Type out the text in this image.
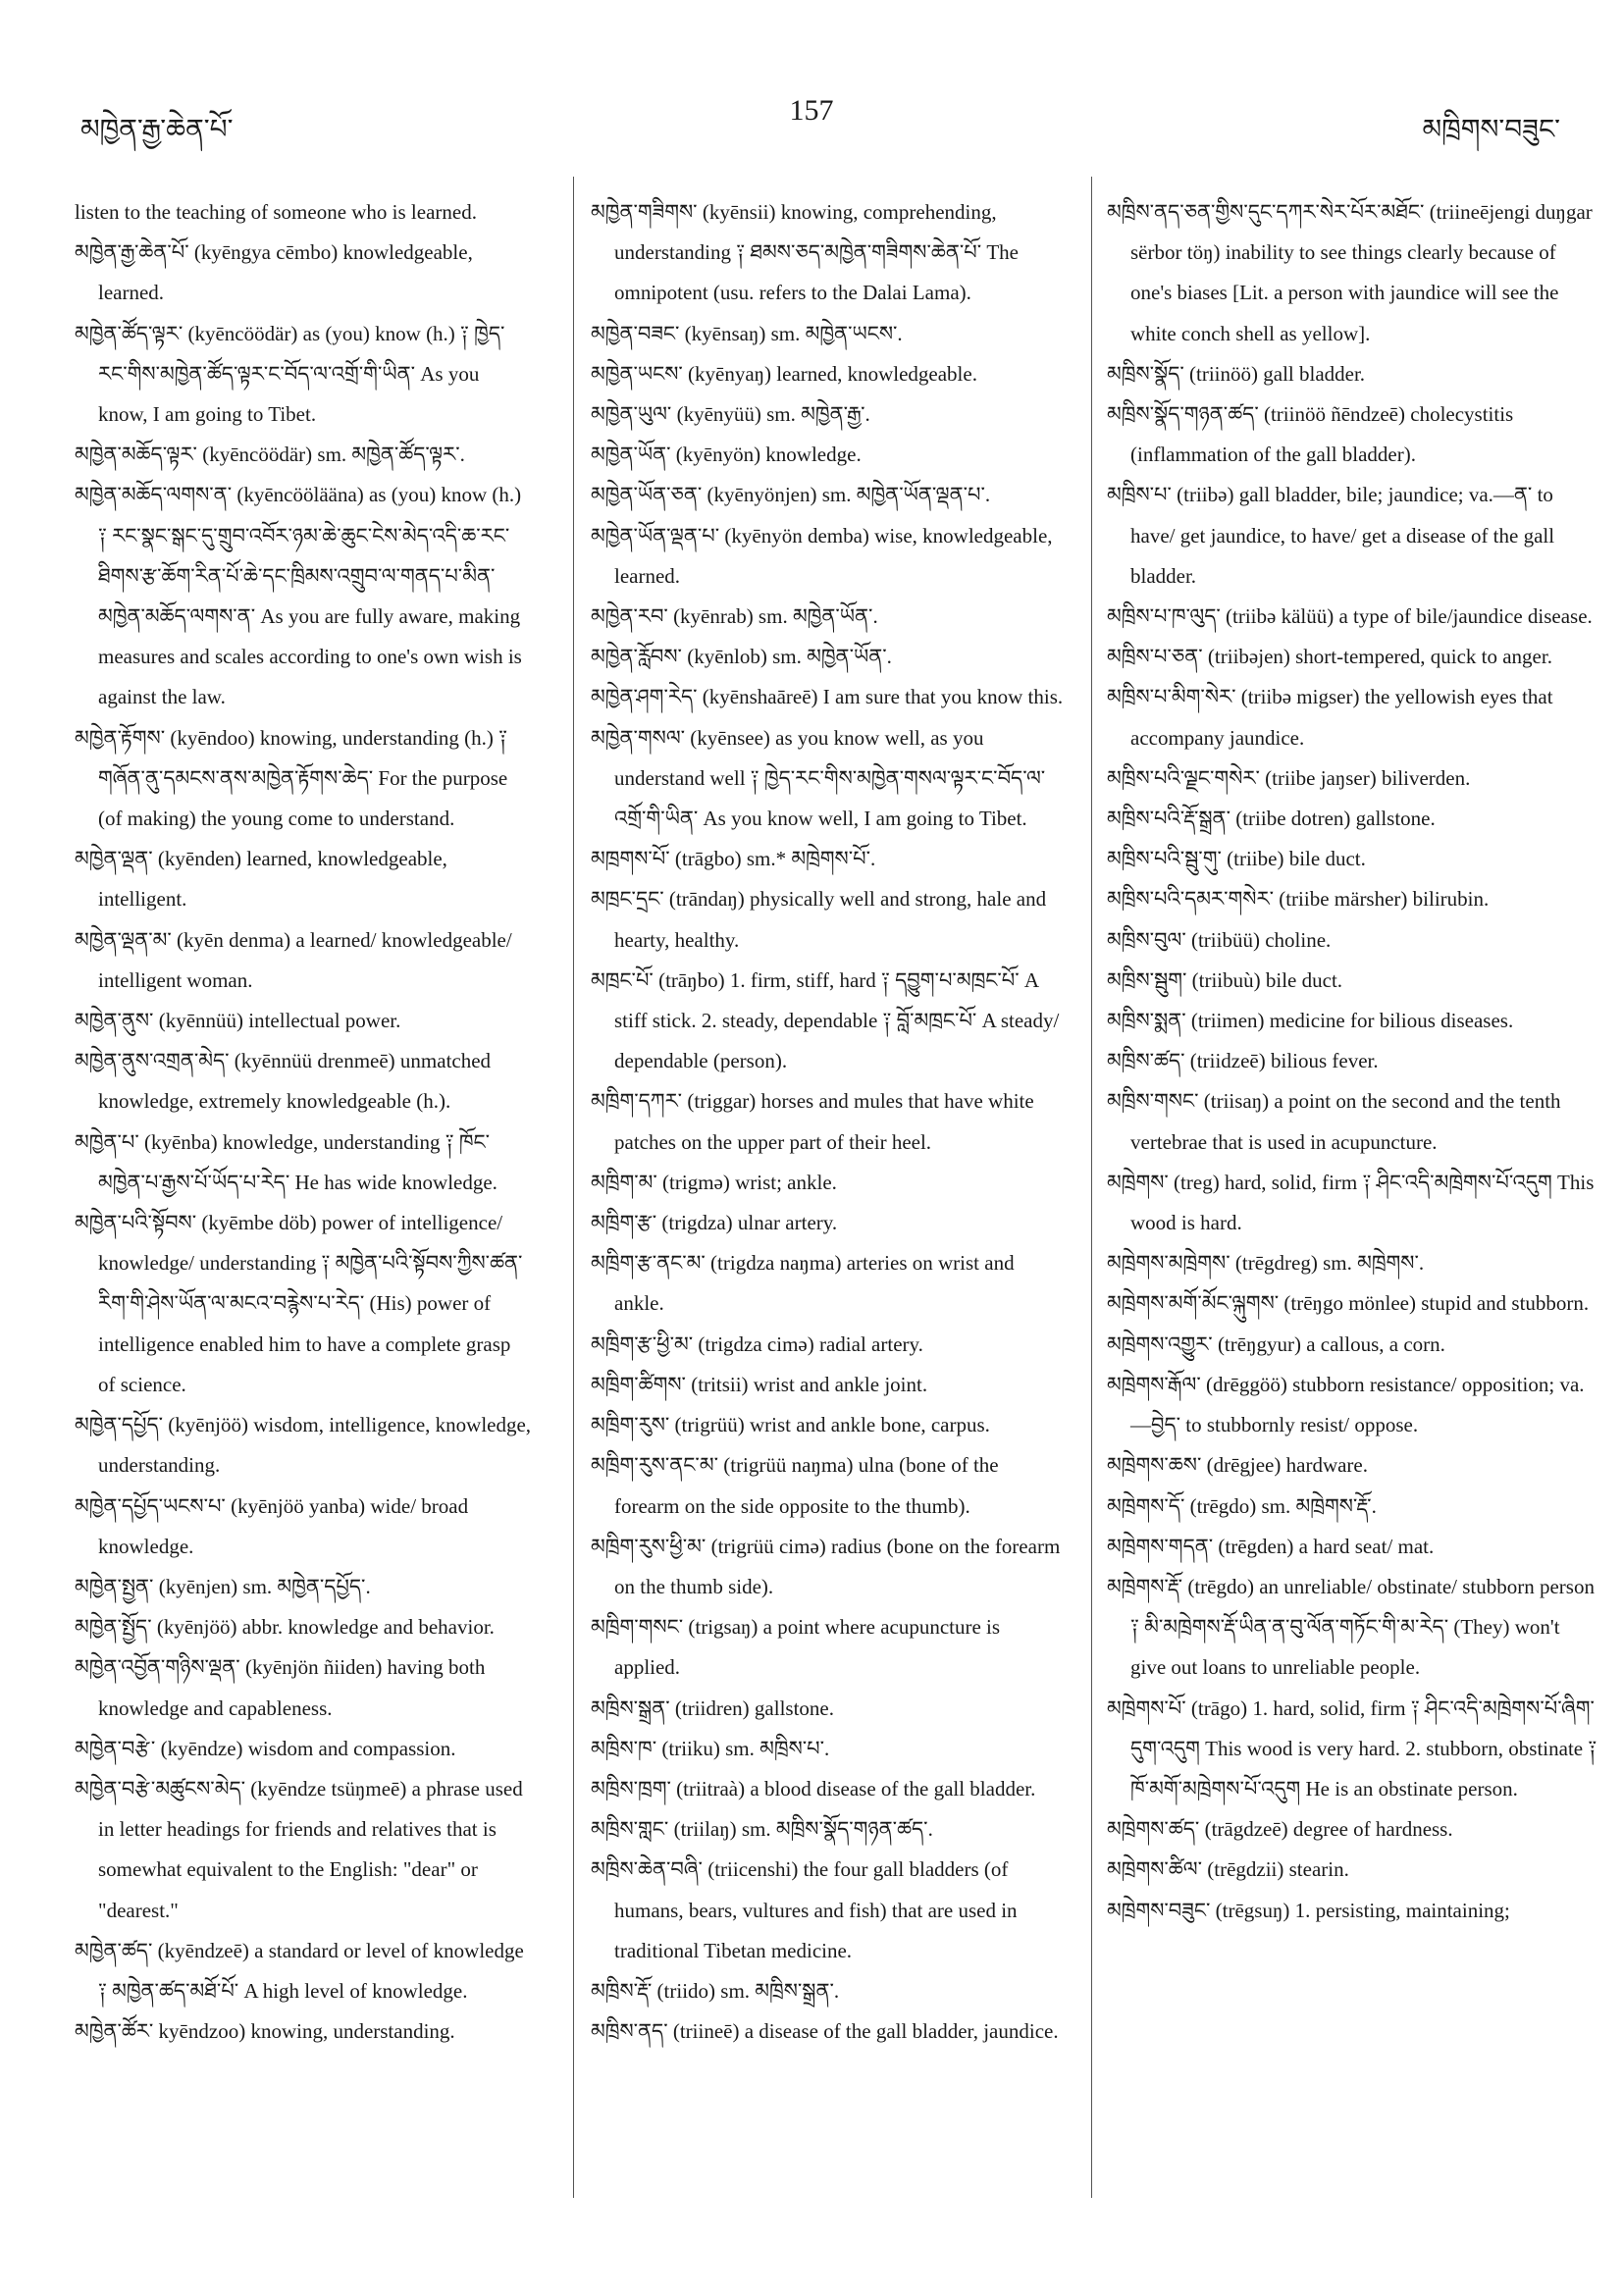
མཁྱེན་རྒྱ་ཆེན་པོ་
157
མཁྲིགས་བཟུང་

listen to the teaching of someone who is learned.

མཁྱེན་རྒྱ་ཆེན་པོ་ (kyēngya cēmbo) knowledgeable, learned.

མཁྱེན་ཚོད་ལྟར་ (kyēncöödär) as (you) know (h.) ༑ ཁྱེད་རང་གིས་མཁྱེན་ཚོད་ལྟར་ང་བོད་ལ་འགྲོ་གི་ཡིན་ As you know, I am going to Tibet.

མཁྱེན་མཆོད་ལྟར་ (kyēncöödär) sm. མཁྱེན་ཚོད་ལྟར་.

མཁྱེན་མཆོད་ལགས་ན་ (kyēncöölääna) as (you) know (h.) ༑ རང་སྣང་སྒང་དུ་གྲུབ་འབོར་ཉམ་ཆེ་ཆུང་ངེས་མེད་འདི་ཆ་རང་ཐིགས་རྩ་ཆོག་རིན་པོ་ཆེ་དང་ཁྲིམས་འགྲུབ་ལ་གནད་པ་མིན་མཁྱེན་མཆོད་ལགས་ན་ As you are fully aware, making measures and scales according to one's own wish is against the law.

མཁྱེན་རྟོགས་ (kyēndoo) knowing, understanding (h.) ༑ གཞོན་ནུ་དམངས་ནས་མཁྱེན་རྟོགས་ཆེད་ For the purpose (of making) the young come to understand.

མཁྱེན་ལྡན་ (kyēnden) learned, knowledgeable, intelligent.

མཁྱེན་ལྡན་མ་ (kyēn denma) a learned/ knowledgeable/ intelligent woman.

མཁྱེན་ནུས་ (kyēnnüü) intellectual power.

མཁྱེན་ནུས་འགྲན་མེད་ (kyēnnüü drenmeē) unmatched knowledge, extremely knowledgeable (h.).

མཁྱེན་པ་ (kyēnba) knowledge, understanding ༑ ཁོང་མཁྱེན་པ་རྒྱས་པོ་ཡོད་པ་རེད་ He has wide knowledge.

མཁྱེན་པའི་སྟོབས་ (kyēmbe döb) power of intelligence/ knowledge/ understanding ༑ མཁྱེན་པའི་སྟོབས་ཀྱིས་ཚན་རིག་གི་ཤེས་ཡོན་ལ་མངའ་བརྙེས་པ་རེད་ (His) power of intelligence enabled him to have a complete grasp of science.

མཁྱེན་དཔྱོད་ (kyēnjöö) wisdom, intelligence, knowledge, understanding.

མཁྱེན་དཔྱོད་ཡངས་པ་ (kyēnjöö yanba) wide/ broad knowledge.

མཁྱེན་སྤྱན་ (kyēnjen) sm. མཁྱེན་དཔྱོད་.

མཁྱེན་སྤྱོད་ (kyēnjöö) abbr. knowledge and behavior.

མཁྱེན་འབྱོན་གཉིས་ལྡན་ (kyēnjön ñiiden) having both knowledge and capableness.

མཁྱེན་བརྩེ་ (kyēndze) wisdom and compassion.

མཁྱེན་བརྩེ་མཚུངས་མེད་ (kyēndze tsüŋmeē) a phrase used in letter headings for friends and relatives that is somewhat equivalent to the English: "dear" or "dearest."

མཁྱེན་ཚད་ (kyēndzeē) a standard or level of knowledge ༑ མཁྱེན་ཚད་མཐོ་པོ་ A high level of knowledge.

མཁྱེན་ཚོར་ kyēndzoo) knowing, understanding.

མཁྱེན་གཟིགས་ (kyēnsii) knowing, comprehending, understanding ༑ ཐམས་ཅད་མཁྱེན་གཟིགས་ཆེན་པོ་ The omnipotent (usu. refers to the Dalai Lama).

མཁྱེན་བཟང་ (kyēnsaŋ) sm. མཁྱེན་ཡངས་.

མཁྱེན་ཡངས་ (kyēnyaŋ) learned, knowledgeable.

མཁྱེན་ཡུལ་ (kyēnyüü) sm. མཁྱེན་རྒྱ་.

མཁྱེན་ཡོན་ (kyēnyön) knowledge.

མཁྱེན་ཡོན་ཅན་ (kyēnyönjen) sm. མཁྱེན་ཡོན་ལྡན་པ་.

མཁྱེན་ཡོན་ལྡན་པ་ (kyēnyön demba) wise, knowledgeable, learned.

མཁྱེན་རབ་ (kyēnrab) sm. མཁྱེན་ཡོན་.

མཁྱེན་རློབས་ (kyēnlob) sm. མཁྱེན་ཡོན་.

མཁྱེན་ཤག་རེད་ (kyēnshaāreē) I am sure that you know this.

མཁྱེན་གསལ་ (kyēnsee) as you know well, as you understand well ༑ ཁྱེད་རང་གིས་མཁྱེན་གསལ་ལྟར་ང་བོད་ལ་འགྲོ་གི་ཡིན་ As you know well, I am going to Tibet.

མཁྲགས་པོ་ (trāgbo) sm.* མཁྲེགས་པོ་.

མཁྲང་དྲང་ (trāndaŋ) physically well and strong, hale and hearty, healthy.

མཁྲང་པོ་ (trāŋbo) 1. firm, stiff, hard ༑ དབྱུག་པ་མཁྲང་པོ་ A stiff stick. 2. steady, dependable ༑ བློ་མཁྲང་པོ་ A steady/ dependable (person).

མཁྲིག་དཀར་ (triggar) horses and mules that have white patches on the upper part of their heel.

མཁྲིག་མ་ (trigmə) wrist; ankle.

མཁྲིག་རྩ་ (trigdza) ulnar artery.

མཁྲིག་རྩ་ནང་མ་ (trigdza naŋma) arteries on wrist and ankle.

མཁྲིག་རྩ་ཕྱི་མ་ (trigdza cimə) radial artery.

མཁྲིག་ཚིགས་ (tritsii) wrist and ankle joint.

མཁྲིག་རུས་ (trigrüü) wrist and ankle bone, carpus.

མཁྲིག་རུས་ནང་མ་ (trigrüü naŋma) ulna (bone of the forearm on the side opposite to the thumb).

མཁྲིག་རུས་ཕྱི་མ་ (trigrüü cimə) radius (bone on the forearm on the thumb side).

མཁྲིག་གསང་ (trigsaŋ) a point where acupuncture is applied.

མཁྲིས་སྒྲན་ (triidren) gallstone.

མཁྲིས་ཁ་ (triiku) sm. མཁྲིས་པ་.

མཁྲིས་ཁྲག་ (triitraà) a blood disease of the gall bladder.

མཁྲིས་གླང་ (triilaŋ) sm. མཁྲིས་སྣོད་གཉན་ཚད་.

མཁྲིས་ཆེན་བཞི་ (triicenshi) the four gall bladders (of humans, bears, vultures and fish) that are used in traditional Tibetan medicine.

མཁྲིས་རྡོ་ (triido) sm. མཁྲིས་སྒྲན་.

མཁྲིས་ནད་ (triineē) a disease of the gall bladder, jaundice.

མཁྲིས་ནད་ཅན་གྱིས་དུང་དཀར་སེར་པོར་མཐོང་ (triineējengi duŋgar sërbor töŋ) inability to see things clearly because of one's biases [Lit. a person with jaundice will see the white conch shell as yellow].

མཁྲིས་སྣོད་ (triinöö) gall bladder.

མཁྲིས་སྣོད་གཉན་ཚད་ (triinöö ñēndzeē) cholecystitis (inflammation of the gall bladder).

མཁྲིས་པ་ (triibə) gall bladder, bile; jaundice; va.—ན་ to have/ get jaundice, to have/ get a disease of the gall bladder.

མཁྲིས་པ་ཁ་ལུད་ (triibə kälüü) a type of bile/jaundice disease.

མཁྲིས་པ་ཅན་ (triibəjen) short-tempered, quick to anger.

མཁྲིས་པ་མིག་སེར་ (triibə migser) the yellowish eyes that accompany jaundice.

མཁྲིས་པའི་ལྗང་གསེར་ (triibe jaŋser) biliverden.

མཁྲིས་པའི་རྡོ་སྒྲན་ (triibe dotren) gallstone.

མཁྲིས་པའི་སྦུ་གུ་ (triibe) bile duct.

མཁྲིས་པའི་དམར་གསེར་ (triibe märsher) bilirubin.

མཁྲིས་བུལ་ (triibüü) choline.

མཁྲིས་སྦུག་ (triibuù) bile duct.

མཁྲིས་སྨན་ (triimen) medicine for bilious diseases.

མཁྲིས་ཚད་ (triidzeē) bilious fever.

མཁྲིས་གསང་ (triisaŋ) a point on the second and the tenth vertebrae that is used in acupuncture.

མཁྲེགས་ (treg) hard, solid, firm ༑ ཤིང་འདི་མཁྲེགས་པོ་འདུག This wood is hard.

མཁྲེགས་མཁྲེགས་ (trēgdreg) sm. མཁྲེགས་.

མཁྲེགས་མགོ་མོང་ལྐུགས་ (trēŋgo mönlee) stupid and stubborn.

མཁྲེགས་འགྱུར་ (trēŋgyur) a callous, a corn.

མཁྲེགས་རྒོལ་ (drēggöö) stubborn resistance/ opposition; va.—བྱེད་ to stubbornly resist/ oppose.

མཁྲེགས་ཆས་ (drēgjee) hardware.

མཁྲེགས་དོ་ (trēgdo) sm. མཁྲེགས་རྡོ་.

མཁྲེགས་གདན་ (trēgden) a hard seat/ mat.

མཁྲེགས་རྡོ་ (trēgdo) an unreliable/ obstinate/ stubborn person ༑ མི་མཁྲེགས་རྡོ་ཡིན་ན་བུ་ལོན་གཏོང་གི་མ་རེད་ (They) won't give out loans to unreliable people.

མཁྲེགས་པོ་ (trāgo) 1. hard, solid, firm ༑ ཤིང་འདི་མཁྲེགས་པོ་ཞིག་དུག་འདུག This wood is very hard. 2. stubborn, obstinate ༑ ཁོ་མགོ་མཁྲེགས་པོ་འདུག He is an obstinate person.

མཁྲེགས་ཚད་ (trāgdzeē) degree of hardness.

མཁྲེགས་ཚིལ་ (trēgdzii) stearin.

མཁྲེགས་བཟུང་ (trēgsuŋ) 1. persisting, maintaining;
